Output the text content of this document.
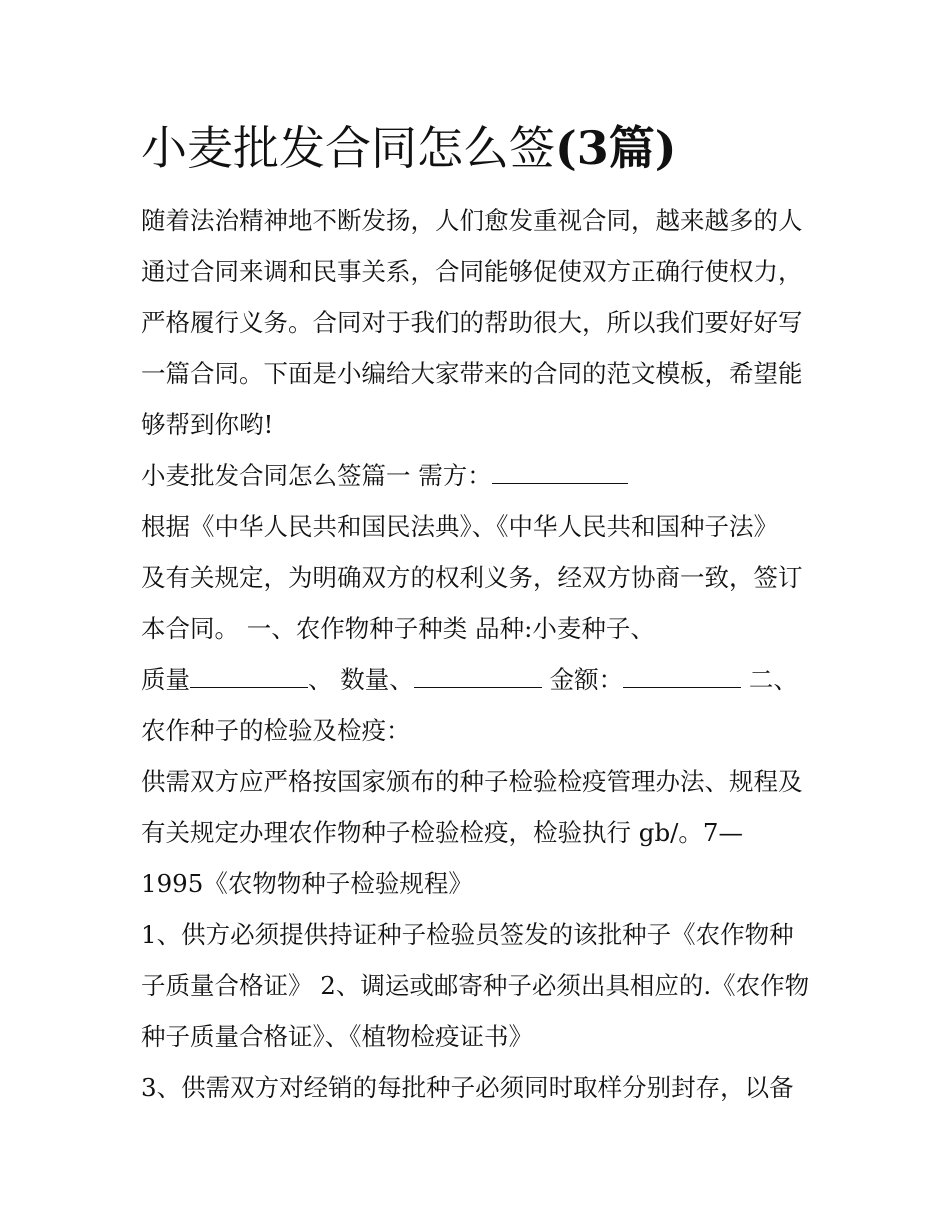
小麦批发合同怎么签(3篇)

随着法治精神地不断发扬，人们愈发重视合同，越来越多的人

通过合同来调和民事关系，合同能够促使双方正确行使权力，

严格履行义务。合同对于我们的帮助很大，所以我们要好好写

一篇合同。下面是小编给大家带来的合同的范文模板，希望能

够帮到你哟!

小麦批发合同怎么签篇一 需方：

根据《中华人民共和国民法典》、《中华人民共和国种子法》

及有关规定，为明确双方的权利义务，经双方协商一致，签订

本合同。 一、农作物种子种类 品种:小麦种子、

质量	、 数量、	金额：	二、

农作种子的检验及检疫：

供需双方应严格按国家颁布的种子检验检疫管理办法、规程及

有关规定办理农作物种子检验检疫，检验执行 gb/。7—

1995《农物物种子检验规程》

1、供方必须提供持证种子检验员签发的该批种子《农作物种

子质量合格证》 2、调运或邮寄种子必须出具相应的.《农作物

种子质量合格证》、《植物检疫证书》

3、供需双方对经销的每批种子必须同时取样分别封存，以备
